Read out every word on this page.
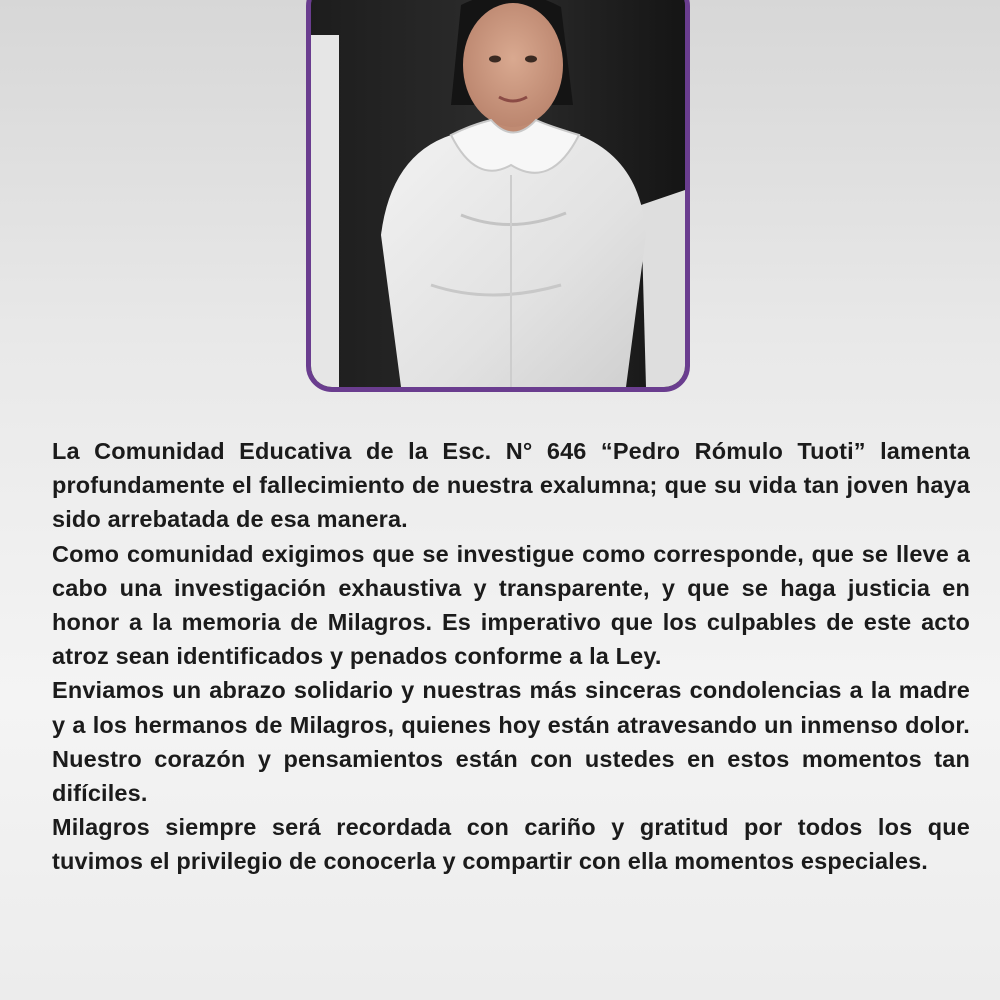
La Comunidad Educativa de la Esc. N° 646 “Pedro Rómulo Tuoti” lamenta profundamente el fallecimiento de nuestra exalumna; que su vida tan joven haya sido arrebatada de esa manera.

Como comunidad exigimos que se investigue como corresponde, que se lleve a cabo una investigación exhaustiva y transparente, y que se haga justicia en honor a la memoria de Milagros. Es imperativo que los culpables de este acto atroz sean identificados y penados conforme a la Ley.

Enviamos un abrazo solidario y nuestras más sinceras condolencias a la madre y a los hermanos de Milagros, quienes hoy están atravesando un inmenso dolor. Nuestro corazón y pensamientos están con ustedes en estos momentos tan difíciles.

Milagros siempre será recordada con cariño y gratitud por todos los que tuvimos el privilegio de conocerla y compartir con ella momentos especiales.
